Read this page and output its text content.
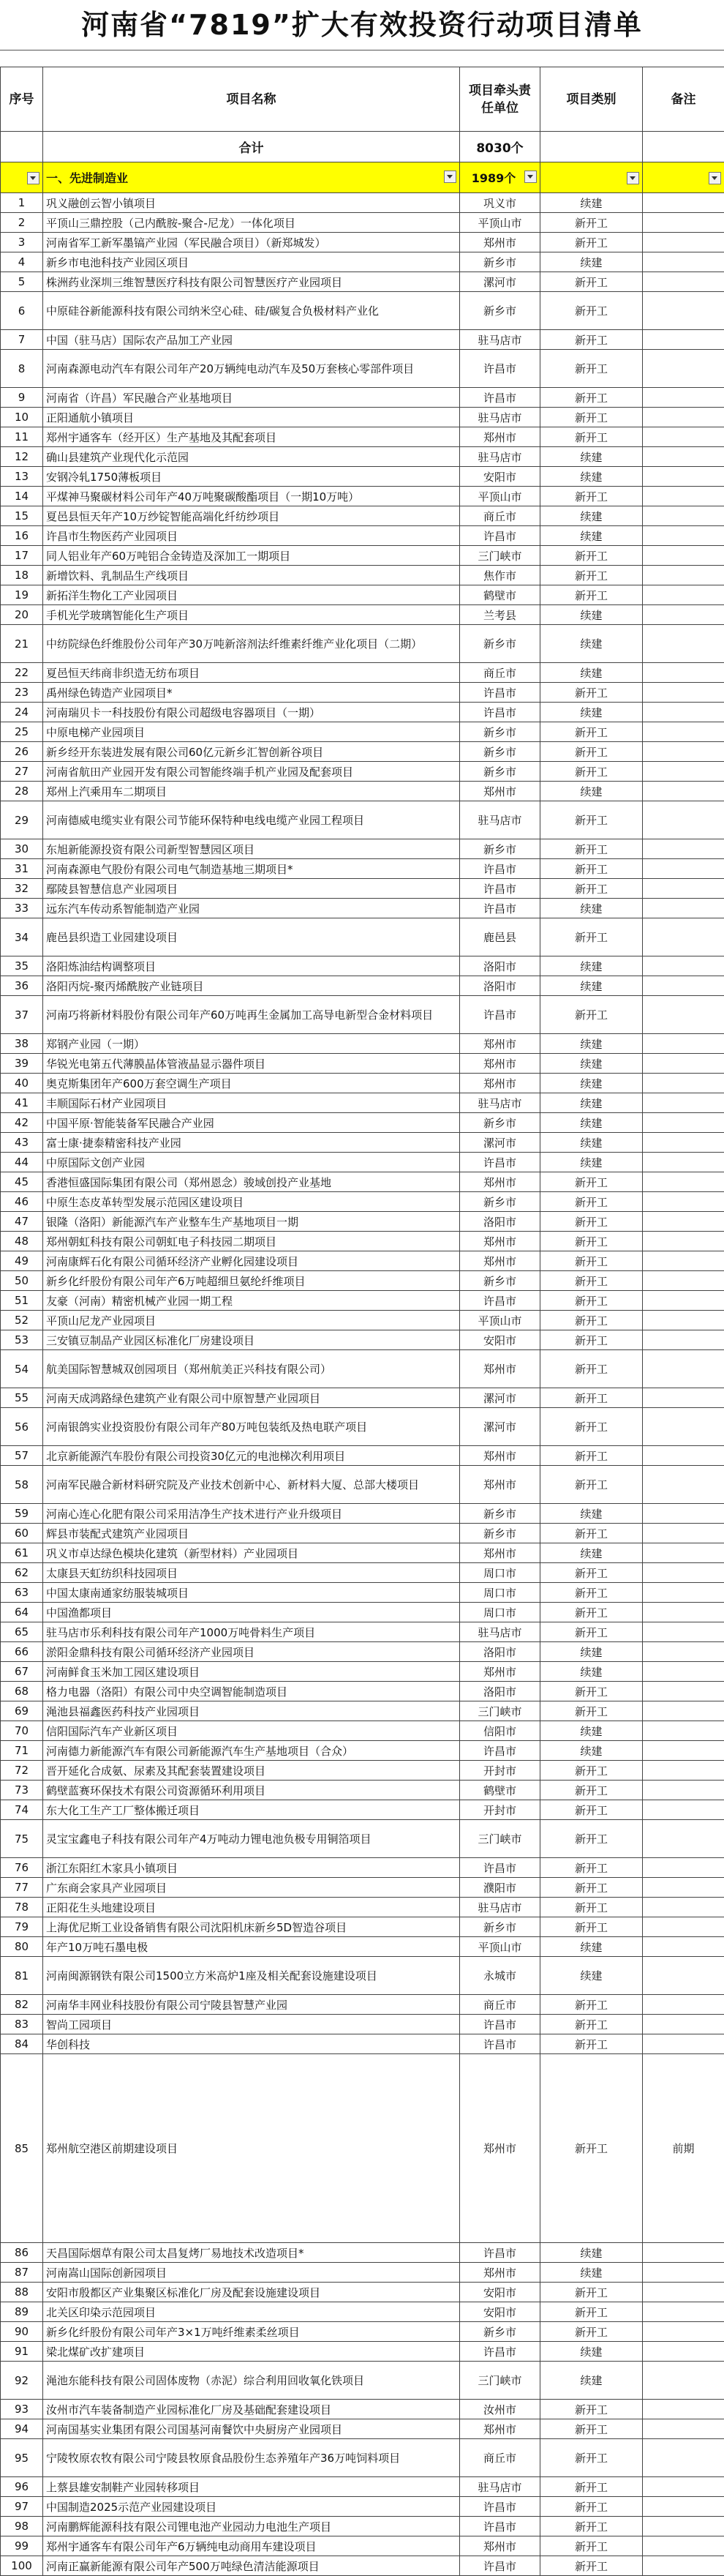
河南省“7819”扩大有效投资行动项目清单
序号	项目名称	项目牵头责任单位	项目类别	备注
	合计	8030个		

	一、先进制造业	1989个

1	巩义融创云智小镇项目	巩义市	续建	
2	平顶山三鼎控股（己内酰胺-聚合-尼龙）一体化项目	平顶山市	新开工	
3	河南省军工新军墨镐产业园（军民融合项目）（新郑城发）	郑州市	新开工	
4	新乡市电池科技产业园区项目	新乡市	续建	
5	株洲药业深圳三维智慧医疗科技有限公司智慧医疗产业园项目	漯河市	新开工	
6	中原硅谷新能源科技有限公司纳米空心硅、硅/碳复合负极材料产业化	新乡市	新开工	
7	中国（驻马店）国际农产品加工产业园	驻马店市	新开工	
8	河南森源电动汽车有限公司年产20万辆纯电动汽车及50万套核心零部件项目	许昌市	新开工	
9	河南省（许昌）军民融合产业基地项目	许昌市	新开工	
10	正阳通航小镇项目	驻马店市	新开工	
11	郑州宇通客车（经开区）生产基地及其配套项目	郑州市	新开工	
12	确山县建筑产业现代化示范园	驻马店市	续建	
13	安钢冷轧1750薄板项目	安阳市	续建	
14	平煤神马聚碳材料公司年产40万吨聚碳酸酯项目（一期10万吨）	平顶山市	新开工	
15	夏邑县恒天年产10万纱锭智能高端化纤纺纱项目	商丘市	续建	
16	许昌市生物医药产业园项目	许昌市	续建	
17	同人铝业年产60万吨铝合金铸造及深加工一期项目	三门峡市	新开工	
18	新增饮料、乳制品生产线项目	焦作市	新开工	
19	新拓洋生物化工产业园项目	鹤壁市	新开工	
20	手机光学玻璃智能化生产项目	兰考县	续建	
21	中纺院绿色纤维股份公司年产30万吨新溶剂法纤维素纤维产业化项目（二期）	新乡市	续建	
22	夏邑恒天纬商非织造无纺布项目	商丘市	续建	
23	禹州绿色铸造产业园项目*	许昌市	新开工	
24	河南瑞贝卡一科技股份有限公司超级电容器项目（一期）	许昌市	续建	
25	中原电梯产业园项目	新乡市	新开工	
26	新乡经开东装进发展有限公司60亿元新乡汇智创新谷项目	新乡市	新开工	
27	河南省航田产业园开发有限公司智能终端手机产业园及配套项目	新乡市	新开工	
28	郑州上汽乘用车二期项目	郑州市	续建	
29	河南德威电缆实业有限公司节能环保特种电线电缆产业园工程项目	驻马店市	新开工	
30	东旭新能源投资有限公司新型智慧园区项目	新乡市	新开工	
31	河南森源电气股份有限公司电气制造基地三期项目*	许昌市	新开工	
32	鄢陵县智慧信息产业园项目	许昌市	新开工	
33	远东汽车传动系智能制造产业园	许昌市	续建	
34	鹿邑县织造工业园建设项目	鹿邑县	新开工	
35	洛阳炼油结构调整项目	洛阳市	续建	
36	洛阳丙烷-聚丙烯酰胺产业链项目	洛阳市	续建	
37	河南巧将新材料股份有限公司年产60万吨再生金属加工高导电新型合金材料项目	许昌市	新开工	
38	郑钢产业园（一期）	郑州市	续建	
39	华锐光电第五代薄膜晶体管液晶显示器件项目	郑州市	续建	
40	奥克斯集团年产600万套空调生产项目	郑州市	续建	
41	丰顺国际石材产业园项目	驻马店市	续建	
42	中国平原·智能装备军民融合产业园	新乡市	续建	
43	富士康·捷泰精密科技产业园	漯河市	续建	
44	中原国际文创产业园	许昌市	续建	
45	香港恒盛国际集团有限公司（郑州恩念）骏域创投产业基地	郑州市	新开工	
46	中原生态皮革转型发展示范园区建设项目	新乡市	新开工	
47	银隆（洛阳）新能源汽车产业整车生产基地项目一期	洛阳市	新开工	
48	郑州朝虹科技有限公司朝虹电子科技园二期项目	郑州市	新开工	
49	河南康辉石化有限公司循环经济产业孵化园建设项目	郑州市	新开工	
50	新乡化纤股份有限公司年产6万吨超细旦氨纶纤维项目	新乡市	新开工	
51	友豪（河南）精密机械产业园一期工程	许昌市	新开工	
52	平顶山尼龙产业园项目	平顶山市	新开工	
53	三安镇豆制品产业园区标准化厂房建设项目	安阳市	新开工	
54	航美国际智慧城双创园项目（郑州航美正兴科技有限公司）	郑州市	新开工	
55	河南天成鸿路绿色建筑产业有限公司中原智慧产业园项目	漯河市	新开工	
56	河南银鸽实业投资股份有限公司年产80万吨包装纸及热电联产项目	漯河市	新开工	
57	北京新能源汽车股份有限公司投资30亿元的电池梯次利用项目	郑州市	新开工	
58	河南军民融合新材料研究院及产业技术创新中心、新材料大厦、总部大楼项目	郑州市	新开工	
59	河南心连心化肥有限公司采用洁净生产技术进行产业升级项目	新乡市	续建	
60	辉县市装配式建筑产业园项目	新乡市	新开工	
61	巩义市卓达绿色模块化建筑（新型材料）产业园项目	郑州市	续建	
62	太康县天虹纺织科技园项目	周口市	新开工	
63	中国太康南通家纺服装城项目	周口市	新开工	
64	中国渔都项目	周口市	新开工	
65	驻马店市乐利科技有限公司年产1000万吨骨料生产项目	驻马店市	新开工	
66	淤阳金鼎科技有限公司循环经济产业园项目	洛阳市	续建	
67	河南鲜食玉米加工园区建设项目	郑州市	续建	
68	格力电器（洛阳）有限公司中央空调智能制造项目	洛阳市	新开工	
69	渑池县福鑫医药科技产业园项目	三门峡市	新开工	
70	信阳国际汽车产业新区项目	信阳市	续建	
71	河南德力新能源汽车有限公司新能源汽车生产基地项目（合众）	许昌市	续建	
72	晋开延化合成氨、尿素及其配套装置建设项目	开封市	新开工	
73	鹤壁蓝赛环保技术有限公司资源循环利用项目	鹤壁市	新开工	
74	东大化工生产工厂整体搬迁项目	开封市	新开工	
75	灵宝宝鑫电子科技有限公司年产4万吨动力锂电池负极专用铜箔项目	三门峡市	新开工	
76	浙江东阳红木家具小镇项目	许昌市	新开工	
77	广东商会家具产业园项目	濮阳市	新开工	
78	正阳花生头地建设项目	驻马店市	新开工	
79	上海优尼斯工业设备销售有限公司沈阳机床新乡5D智造谷项目	新乡市	新开工	
80	年产10万吨石墨电极	平顶山市	续建	
81	河南闽源钢铁有限公司1500立方米高炉1座及相关配套设施建设项目	永城市	续建	
82	河南华丰网业科技股份有限公司宁陵县智慧产业园	商丘市	新开工	
83	智尚工园项目	许昌市	新开工	
84	华创科技	许昌市	新开工	
85	郑州航空港区前期建设项目	郑州市	新开工	前期
86	天昌国际烟草有限公司太昌复烤厂易地技术改造项目*	许昌市	续建	
87	河南嵩山国际创新园项目	郑州市	续建	
88	安阳市殷都区产业集聚区标准化厂房及配套设施建设项目	安阳市	新开工	
89	北关区印染示范园项目	安阳市	新开工	
90	新乡化纤股份有限公司年产3×1万吨纤维素柔丝项目	新乡市	新开工	
91	梁北煤矿改扩建项目	许昌市	续建	
92	渑池东能科技有限公司固体废物（赤泥）综合利用回收氧化铁项目	三门峡市	续建	
93	汝州市汽车装备制造产业园标准化厂房及基础配套建设项目	汝州市	新开工	
94	河南国基实业集团有限公司国基河南餐饮中央厨房产业园项目	郑州市	新开工	
95	宁陵牧原农牧有限公司宁陵县牧原食品股份生态养殖年产36万吨饲料项目	商丘市	新开工	
96	上蔡县雄安制鞋产业园转移项目	驻马店市	新开工	
97	中国制造2025示范产业园建设项目	许昌市	新开工	
98	河南鹏辉能源科技有限公司锂电池产业园动力电池生产项目	许昌市	新开工	
99	郑州宇通客车有限公司年产6万辆纯电动商用车建设项目	郑州市	新开工	
100	河南正赢新能源有限公司年产500万吨绿色清洁能源项目	许昌市	新开工	
